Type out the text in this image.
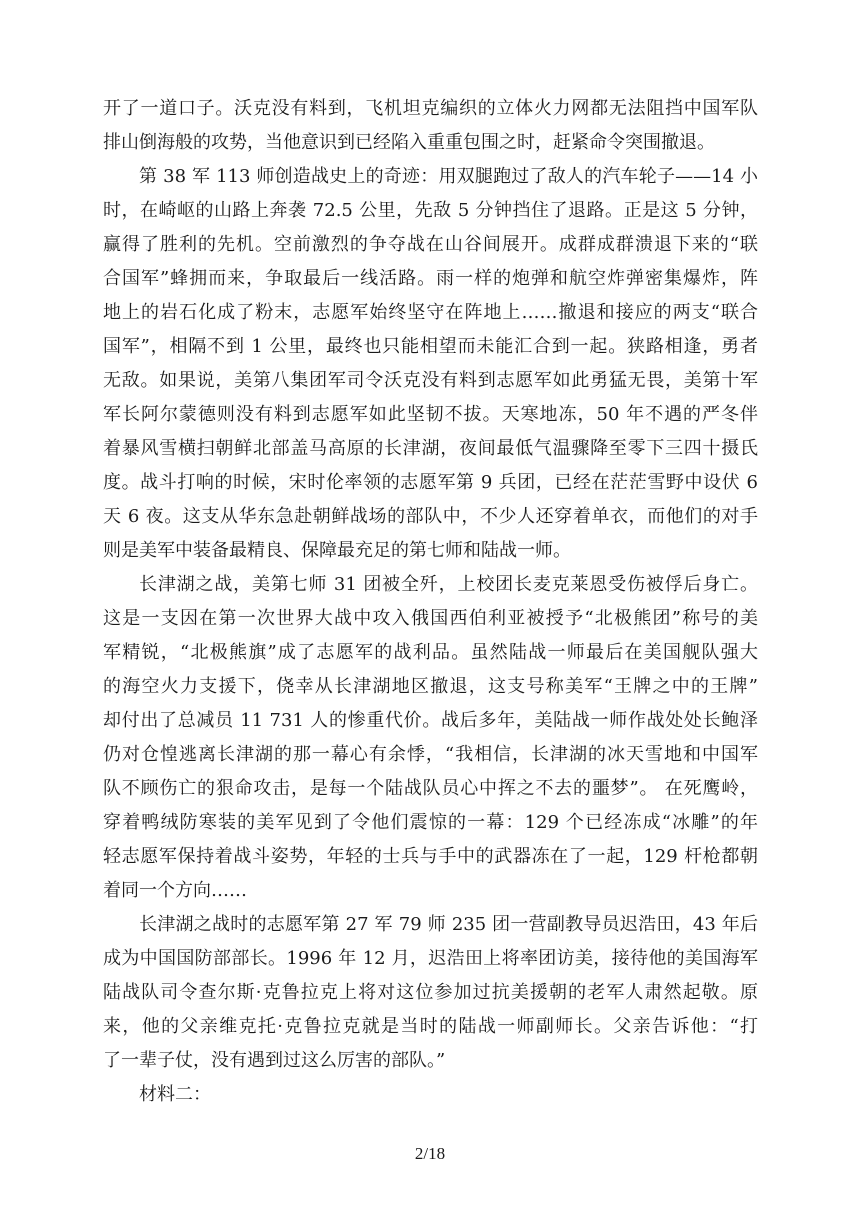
开了一道口子。沃克没有料到，飞机坦克编织的立体火力网都无法阻挡中国军队
排山倒海般的攻势，当他意识到已经陷入重重包围之时，赶紧命令突围撤退。
第 38 军 113 师创造战史上的奇迹：用双腿跑过了敌人的汽车轮子——14 小
时，在崎岖的山路上奔袭 72.5 公里，先敌 5 分钟挡住了退路。正是这 5 分钟，
赢得了胜利的先机。空前激烈的争夺战在山谷间展开。成群成群溃退下来的“联
合国军”蜂拥而来，争取最后一线活路。雨一样的炮弹和航空炸弹密集爆炸，阵
地上的岩石化成了粉末，志愿军始终坚守在阵地上……撤退和接应的两支“联合
国军”，相隔不到 1 公里，最终也只能相望而未能汇合到一起。狭路相逢，勇者
无敌。如果说，美第八集团军司令沃克没有料到志愿军如此勇猛无畏，美第十军
军长阿尔蒙德则没有料到志愿军如此坚韧不拔。天寒地冻，50 年不遇的严冬伴
着暴风雪横扫朝鲜北部盖马高原的长津湖，夜间最低气温骤降至零下三四十摄氏
度。战斗打响的时候，宋时伦率领的志愿军第 9 兵团，已经在茫茫雪野中设伏 6
天 6 夜。这支从华东急赴朝鲜战场的部队中，不少人还穿着单衣，而他们的对手
则是美军中装备最精良、保障最充足的第七师和陆战一师。
长津湖之战，美第七师 31 团被全歼，上校团长麦克莱恩受伤被俘后身亡。
这是一支因在第一次世界大战中攻入俄国西伯利亚被授予“北极熊团”称号的美
军精锐，“北极熊旗”成了志愿军的战利品。虽然陆战一师最后在美国舰队强大
的海空火力支援下，侥幸从长津湖地区撤退，这支号称美军“王牌之中的王牌”
却付出了总减员 11 731 人的惨重代价。战后多年，美陆战一师作战处处长鲍泽
仍对仓惶逃离长津湖的那一幕心有余悸，“我相信，长津湖的冰天雪地和中国军
队不顾伤亡的狠命攻击，是每一个陆战队员心中挥之不去的噩梦”。 在死鹰岭，
穿着鸭绒防寒装的美军见到了令他们震惊的一幕：129 个已经冻成“冰雕”的年
轻志愿军保持着战斗姿势，年轻的士兵与手中的武器冻在了一起，129 杆枪都朝
着同一个方向……
长津湖之战时的志愿军第 27 军 79 师 235 团一营副教导员迟浩田，43 年后
成为中国国防部部长。1996 年 12 月，迟浩田上将率团访美，接待他的美国海军
陆战队司令查尔斯·克鲁拉克上将对这位参加过抗美援朝的老军人肃然起敬。原
来，他的父亲维克托·克鲁拉克就是当时的陆战一师副师长。父亲告诉他：“打
了一辈子仗，没有遇到过这么厉害的部队。”
材料二：
2/18
